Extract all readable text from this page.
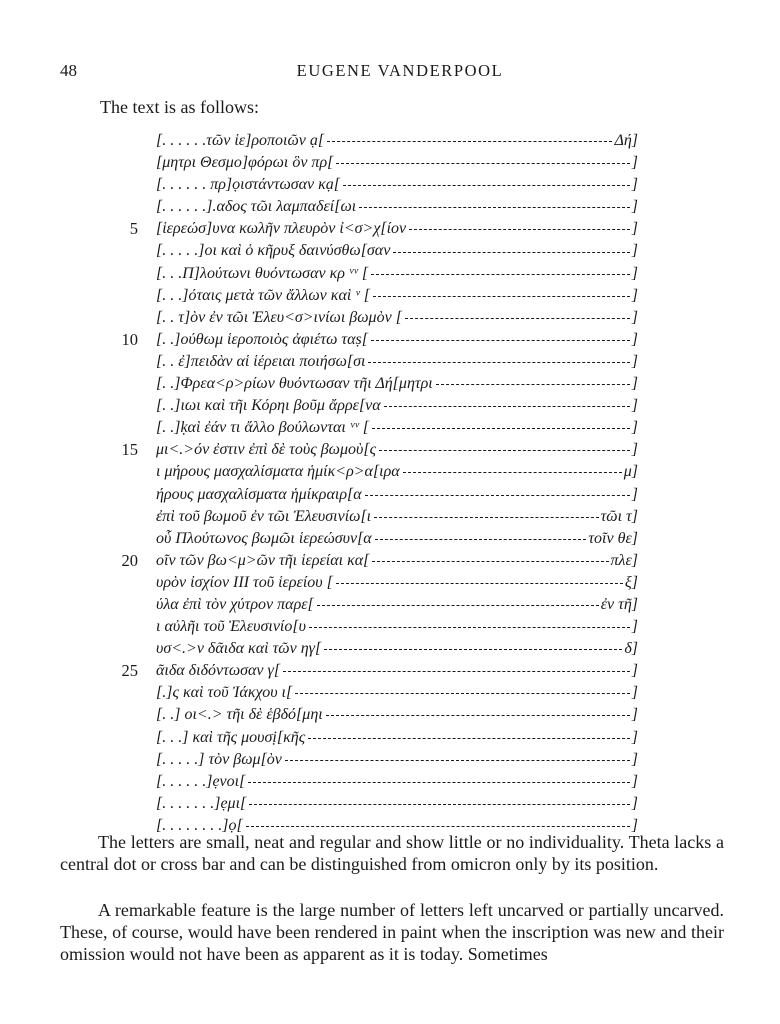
48	EUGENE VANDERPOOL
The text is as follows:
[. . . . . .τῶν ἱε]ροποιῶν ạ[	Δή]
[μητρι Θεσμο]φόρωι ὃν πρ[	]
[. . . . . . πρ]ọιστάντωσαν κạ[	]
[. . . . . .].αδος τῶι λαμπαδεί[ωι	]
5 [ἱερεώσ]υνα κωλῆν πλευρὸν ἰ<σ>χ[ίον	]
[. . . . .]οι καὶ ὁ κῆρυξ δαινύσθω[σαν	]
[. . .Π]λούτωνι θυόντωσαν κρ ᵛᵛ [	]
[. . .]όταις μετὰ τῶν ἄλλων καὶ ᵛ [	]
[. . τ]ὸν ἐν τῶι Ἐλευ<σ>ινίωι βωμὸν [	]
10 [. .]ούθωμ ἱεροποιὸς ἀφιέτω ταṣ[	]
[. . ἐ]πειδὰν αἱ ἱέρειαι ποιήσω[σι	]
[. .]Φρεα<ρ>ρίων θυόντωσαν τῆι Δή[μητρι	]
[. .]ιωι καὶ τῆι Κόρηι βοῦμ ἄρρε[να	]
[. .]ḳαὶ ἐάν τι ἄλλο βούλωνται ᵛᵛ [	]
15 μι<.>όν ἐστιν ἐπὶ δὲ τοὺς βωμοὺ[ς	]
ι μήρους μασχαλίσματα ἡμίκ<ρ>α[ιρα	μ]
ήρους μασχαλίσματα ἡμίκραιρ[α	]
ἐπὶ τοῦ βωμοῦ ἐν τῶι Ἐλευσινίω[ι	τῶι τ]
οὗ Πλούτωνος βωμῶι ἱερεώσυν[α	τοῖν θε]
20 οῖν τῶν βω<μ>ῶν τῆι ἱερείαι κα[	πλε]
υρὸν ἰσχίον ΙΙΙ τοῦ ἱερείου [	ξ]
ύλα ἐπὶ τὸν χύτρον παρε[	ἐν τῆ]
ι αὐλῆι τοῦ Ἐλευσινίο[υ	]
υσ<.>ν δᾶιδα καὶ τῶν ηγ[	δ]
25 ᾶιδα διδόντωσαν γ[	]
[.]ς καὶ τοῦ Ἰάκχου ι[	]
[. .] οι<.> τῆι δὲ ἑβδό[μηι	]
[. . .] καὶ τῆς μουσị[κῆς	]
[. . . . .] τὸν βωμ[ὸν	]
[. . . . . .]ẹνοι[	]
[. . . . . . .]ẹμι[	]
[. . . . . . . .]ọ[	]

The letters are small, neat and regular and show little or no individuality. Theta lacks a central dot or cross bar and can be distinguished from omicron only by its position.

A remarkable feature is the large number of letters left uncarved or partially uncarved. These, of course, would have been rendered in paint when the inscription was new and their omission would not have been as apparent as it is today. Sometimes
